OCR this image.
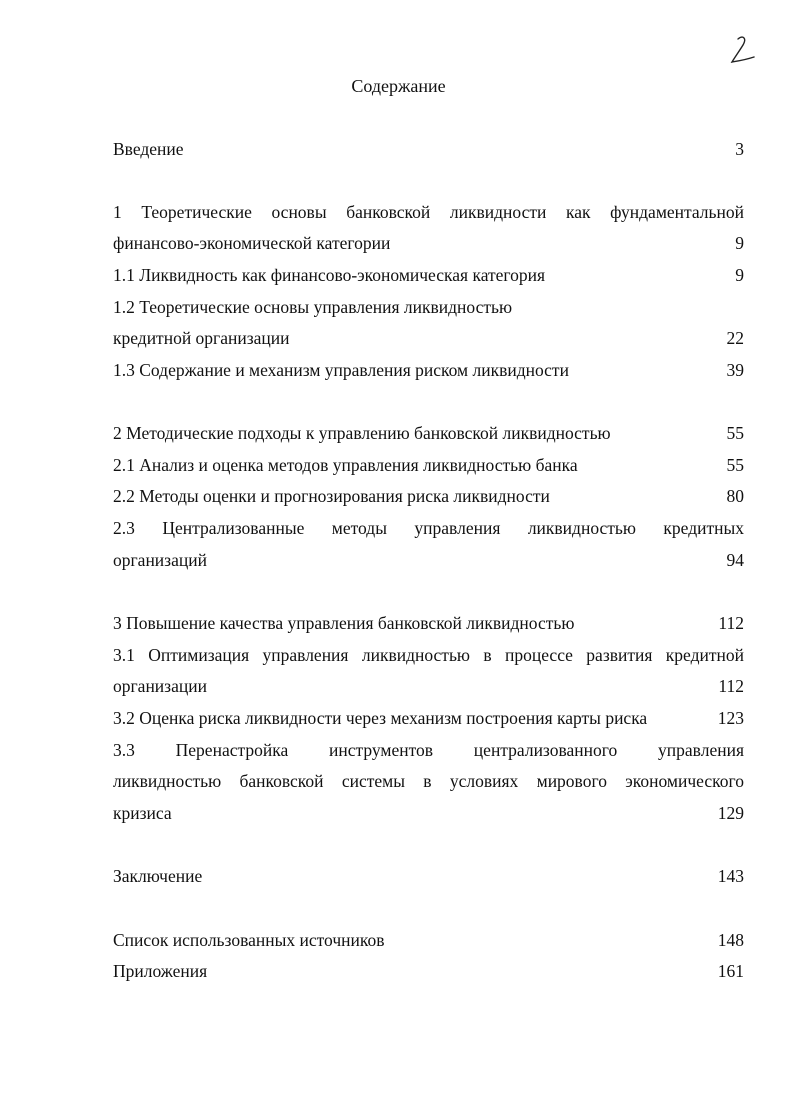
Содержание
Введение	3
1 Теоретические основы банковской ликвидности как фундаментальной
финансово-экономической категории	9
1.1 Ликвидность как финансово-экономическая категория	9
1.2 Теоретические основы управления ликвидностью
кредитной организации	22
1.3 Содержание и механизм управления риском ликвидности	39
2 Методические подходы к управлению банковской ликвидностью	55
2.1 Анализ и оценка методов управления ликвидностью банка	55
2.2 Методы оценки и прогнозирования риска ликвидности	80
2.3 Централизованные методы управления ликвидностью кредитных
организаций	94
3 Повышение качества управления банковской ликвидностью	112
3.1 Оптимизация управления ликвидностью в процессе развития кредитной
организации	112
3.2 Оценка риска ликвидности через механизм построения карты риска	123
3.3 Перенастройка инструментов централизованного управления
ликвидностью банковской системы в условиях мирового экономического
кризиса	129
Заключение	143
Список использованных источников	148
Приложения	161
